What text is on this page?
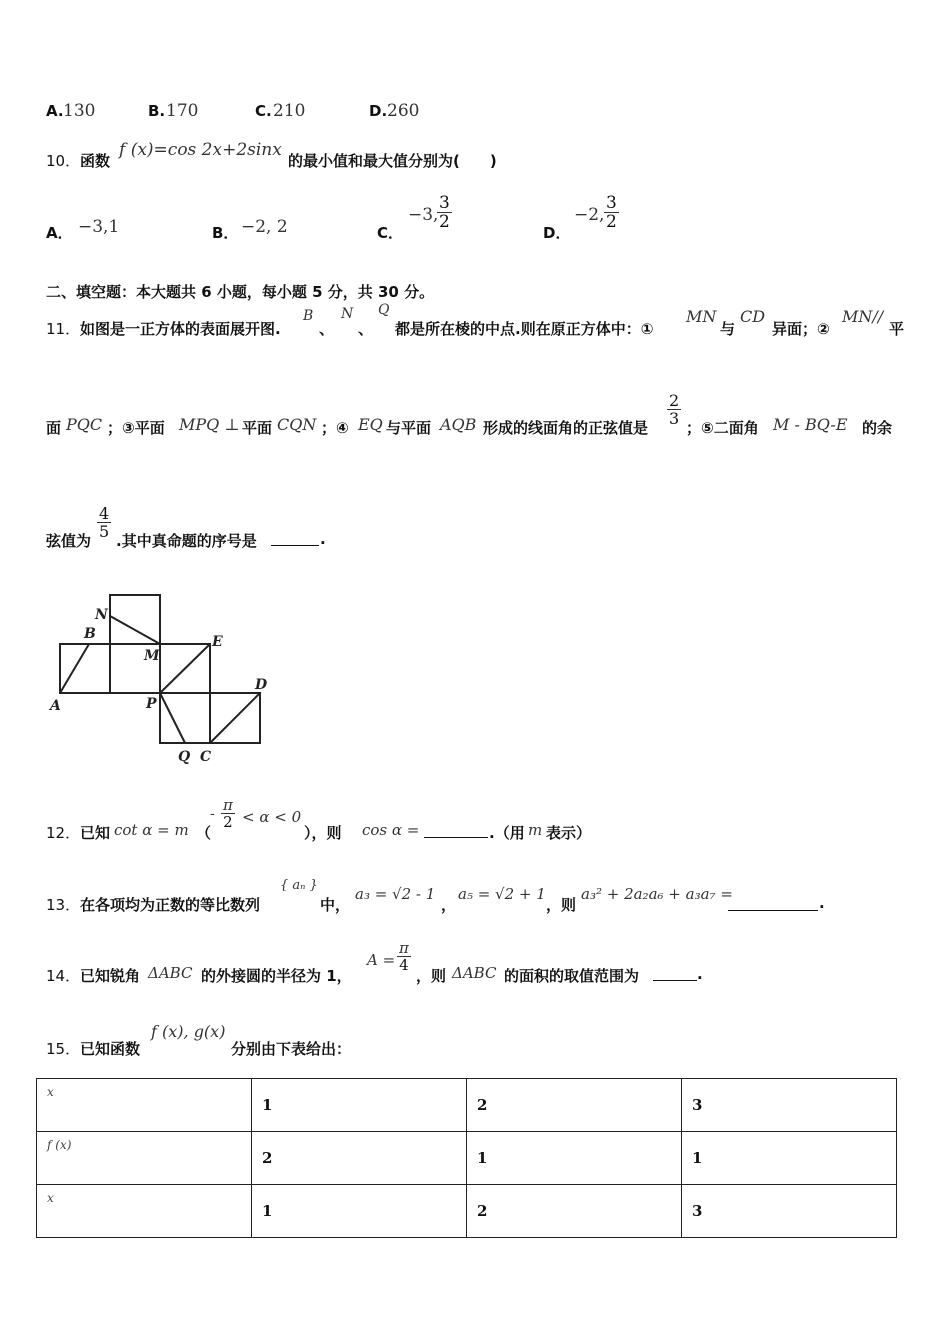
A. 130	B. 170	C. 210	D. 260
10． 函数
f (x)=cos 2x+2sinx
的最小值和最大值分别为(　　)
A． −3,1	B． −2, 2	C．
−3,
$\frac{3}{2}$
D．
−2, $\frac{3}{2}$
二、填空题：本大题共 6 小题，每小题 5 分，共 30 分。
11． 如图是一正方体的表面展开图.
B
、
N
、
Q
都是所在棱的中点.则在原正方体中：①
MN
与
CD
异面；②
MN//
平
面 PQC ；③平面 MPQ ⊥ 平面 CQN ；④ EQ 与平面 AQB 形成的线面角的正弦值是
$\frac{2}{3}$
；⑤二面角 M - BQ-E 的余
弦值为
$\frac{4}{5}$
.其中真命题的序号是	.
N
B
M
E
A	P
D
Q C
12． 已知 cot α = m （
- $\frac{\pi}{2} < \alpha < 0$
），则 cos α =	.（用 m 表示）
13． 在各项均为正数的等比数列
{ aₙ }
中，
a₃ = √2 - 1
，
a₅ = √2 + 1
，则
a₃² + 2a₂a₆ + a₃a₇ =	.
14． 已知锐角 ΔABC 的外接圆的半径为 1，
$A = \frac{\pi}{4}$
，则 ΔABC 的面积的取值范围为	.
15． 已知函数
f (x), g(x)
分别由下表给出：
x	1	2	3
f (x)	2	1	1
x	1	2	3
